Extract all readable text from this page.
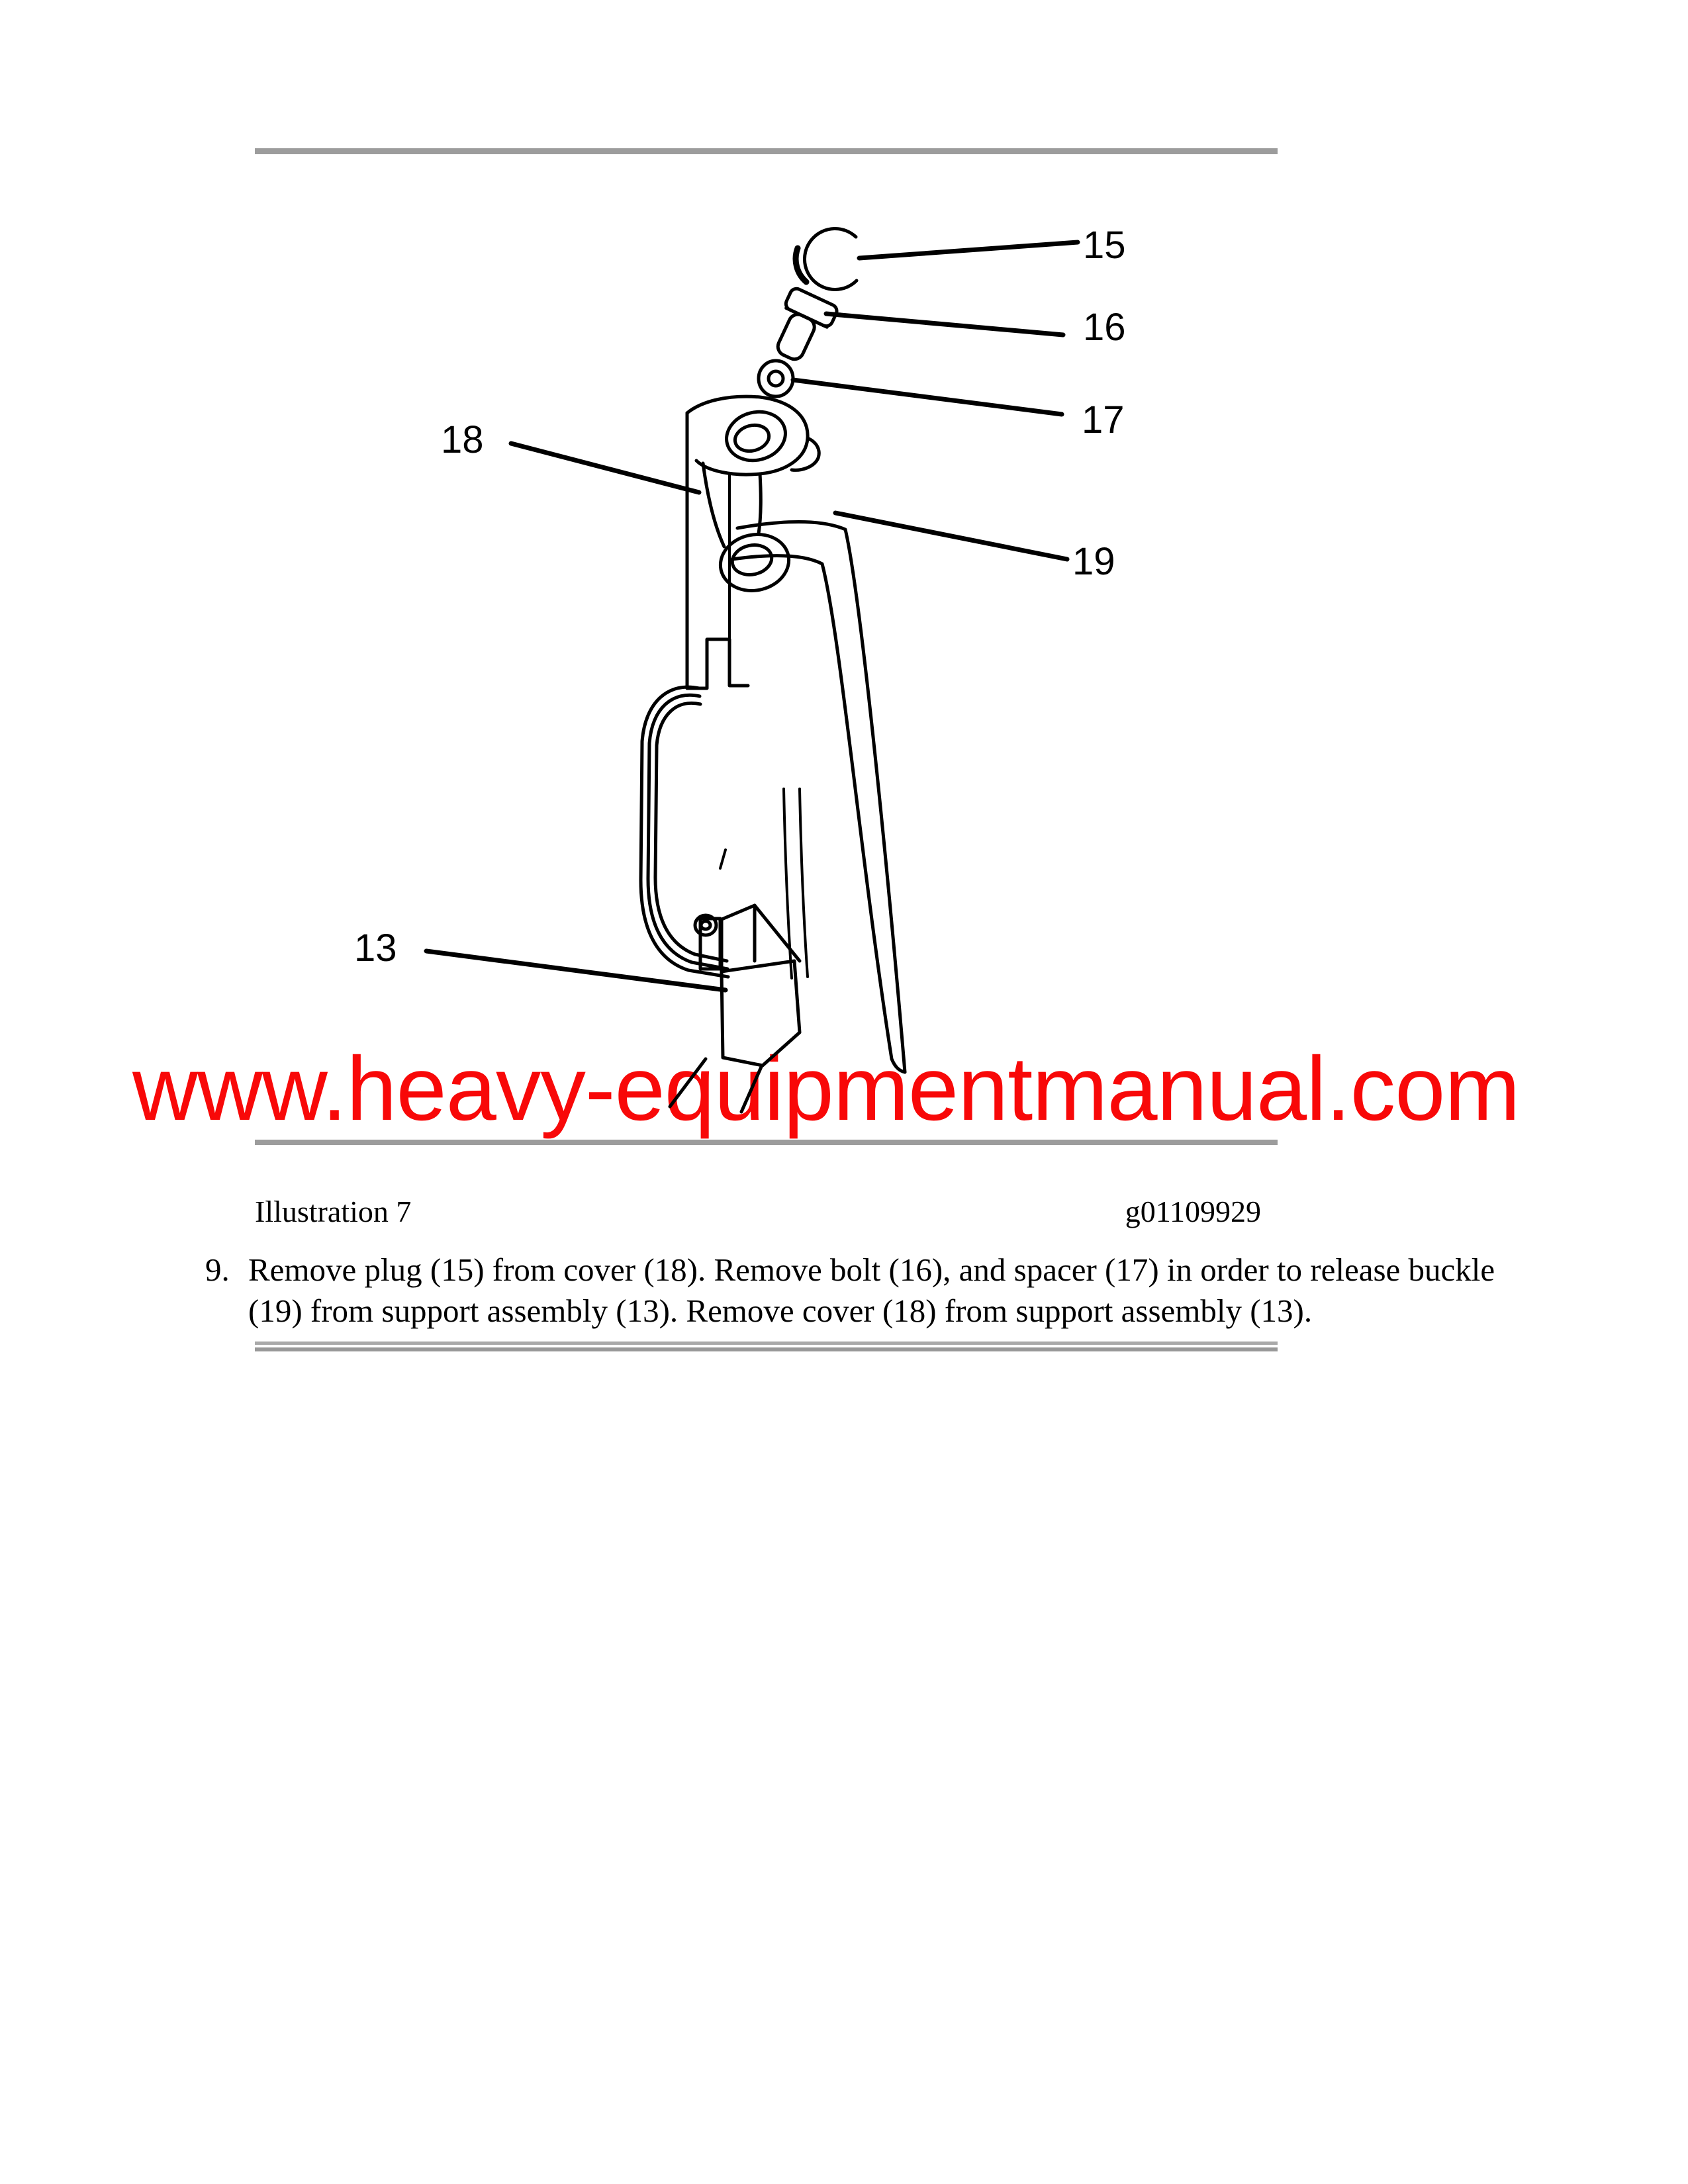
www.heavy-equipmentmanual.com
15
16
17
18
19
13
Illustration 7	g01109929
9. Remove plug (15) from cover (18). Remove bolt (16), and spacer (17) in order to release buckle
(19) from support assembly (13). Remove cover (18) from support assembly (13).
